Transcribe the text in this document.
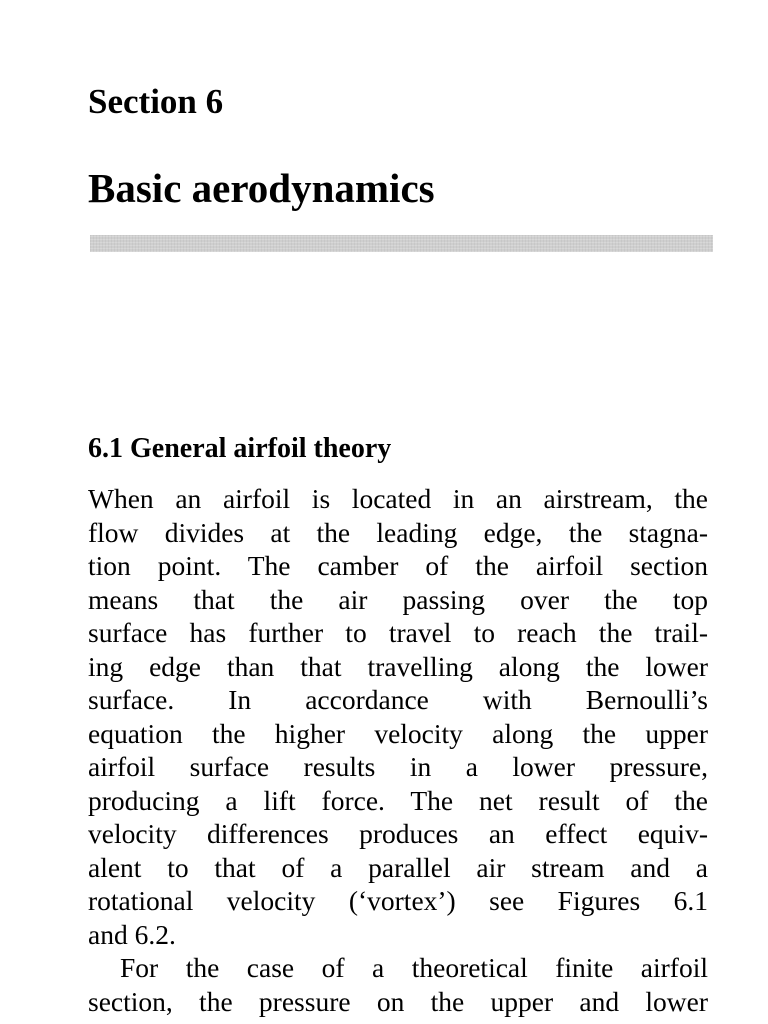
Section 6
Basic aerodynamics
6.1 General airfoil theory
When an airfoil is located in an airstream, the
flow divides at the leading edge, the stagna-
tion point. The camber of the airfoil section
means that the air passing over the top
surface has further to travel to reach the trail-
ing edge than that travelling along the lower
surface. In accordance with Bernoulli’s
equation the higher velocity along the upper
airfoil surface results in a lower pressure,
producing a lift force. The net result of the
velocity differences produces an effect equiv-
alent to that of a parallel air stream and a
rotational velocity (‘vortex’) see Figures 6.1
and 6.2.
For the case of a theoretical finite airfoil
section, the pressure on the upper and lower
